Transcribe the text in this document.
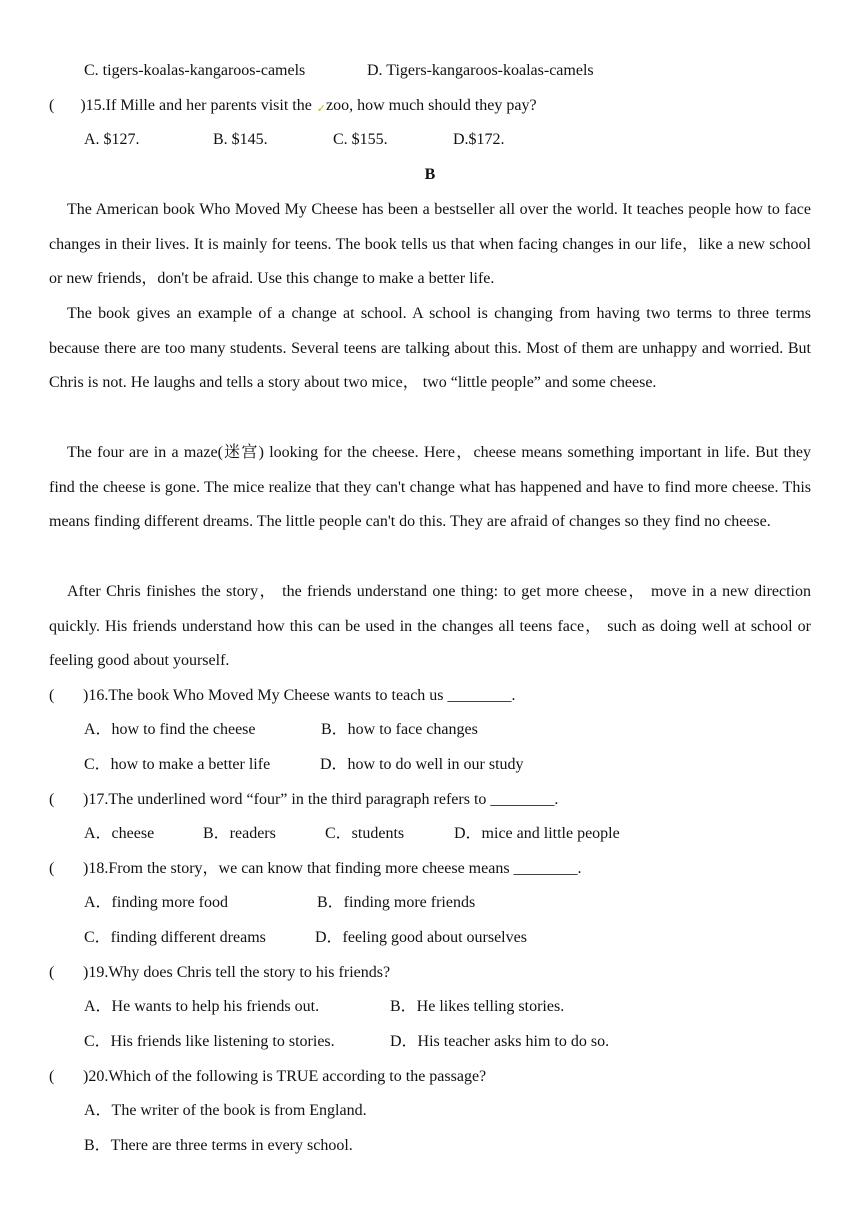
C. tigers-koalas-kangaroos-camels	D. Tigers-kangaroos-koalas-camels
( )15.If Mille and her parents visit the  ✓zoo, how much should they pay?
A. $127.	B. $145.	C. $155.	D.$172.
B

The American book Who Moved My Cheese has been a bestseller all over the world. It teaches people how to face changes in their lives. It is mainly for teens. The book tells us that when facing changes in our life，like a new school or new friends，don't be afraid. Use this change to make a better life.

The book gives an example of a change at school. A school is changing from having two terms to three terms because there are too many students. Several teens are talking about this. Most of them are unhappy and worried. But Chris is not. He laughs and tells a story about two mice， two “little people” and some cheese.

The four are in a maze(迷宫) looking for the cheese. Here，cheese means something important in life. But they find the cheese is gone. The mice realize that they can't change what has happened and have to find more cheese. This means finding different dreams. The little people can't do this. They are afraid of changes so they find no cheese.

After Chris finishes the story， the friends understand one thing: to get more cheese， move in a new direction quickly. His friends understand how this can be used in the changes all teens face， such as doing well at school or feeling good about yourself.

( )16.The book Who Moved My Cheese wants to teach us ________.
A．how to find the cheese	B．how to face changes
C．how to make a better life	D．how to do well in our study
( )17.The underlined word “four” in the third paragraph refers to ________.
A．cheese	B．readers	C．students	D．mice and little people
( )18.From the story，we can know that finding more cheese means ________.
A．finding more food	B．finding more friends
C．finding different dreams	D．feeling good about ourselves
( )19.Why does Chris tell the story to his friends?
A．He wants to help his friends out.	B．He likes telling stories.
C．His friends like listening to stories.	D．His teacher asks him to do so.
( )20.Which of the following is TRUE according to the passage?
A．The writer of the book is from England.
B．There are three terms in every school.
